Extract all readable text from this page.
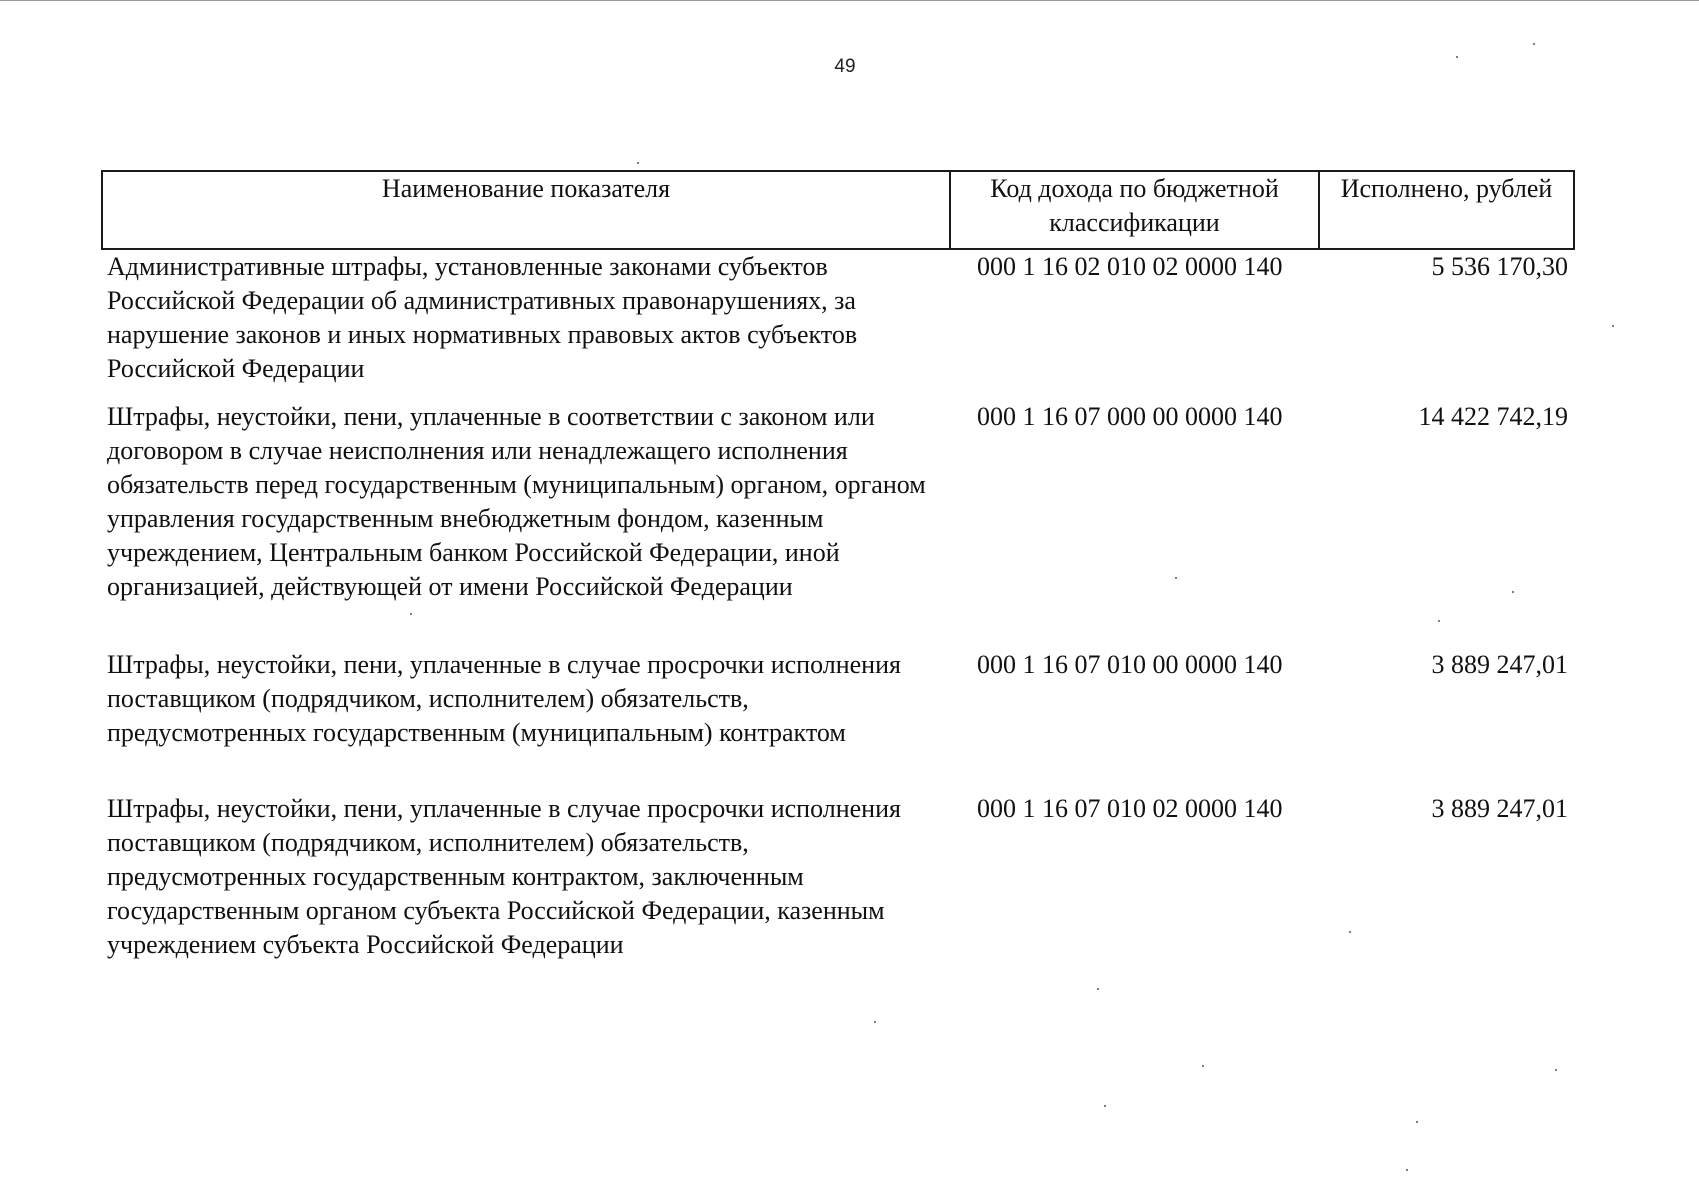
49
Наименование показателя	Код дохода по бюджетной классификации	Исполнено, рублей
Административные штрафы, установленные законами субъектов Российской Федерации об административных правонарушениях, за нарушение законов и иных нормативных правовых актов субъектов Российской Федерации	000 1 16 02 010 02 0000 140	5 536 170,30
Штрафы, неустойки, пени, уплаченные в соответствии с законом или договором в случае неисполнения или ненадлежащего исполнения обязательств перед государственным (муниципальным) органом, органом управления государственным внебюджетным фондом, казенным учреждением, Центральным банком Российской Федерации, иной организацией, действующей от имени Российской Федерации	000 1 16 07 000 00 0000 140	14 422 742,19
Штрафы, неустойки, пени, уплаченные в случае просрочки исполнения поставщиком (подрядчиком, исполнителем) обязательств, предусмотренных государственным (муниципальным) контрактом	000 1 16 07 010 00 0000 140	3 889 247,01
Штрафы, неустойки, пени, уплаченные в случае просрочки исполнения поставщиком (подрядчиком, исполнителем) обязательств, предусмотренных государственным контрактом, заключенным государственным органом субъекта Российской Федерации, казенным учреждением субъекта Российской Федерации	000 1 16 07 010 02 0000 140	3 889 247,01
